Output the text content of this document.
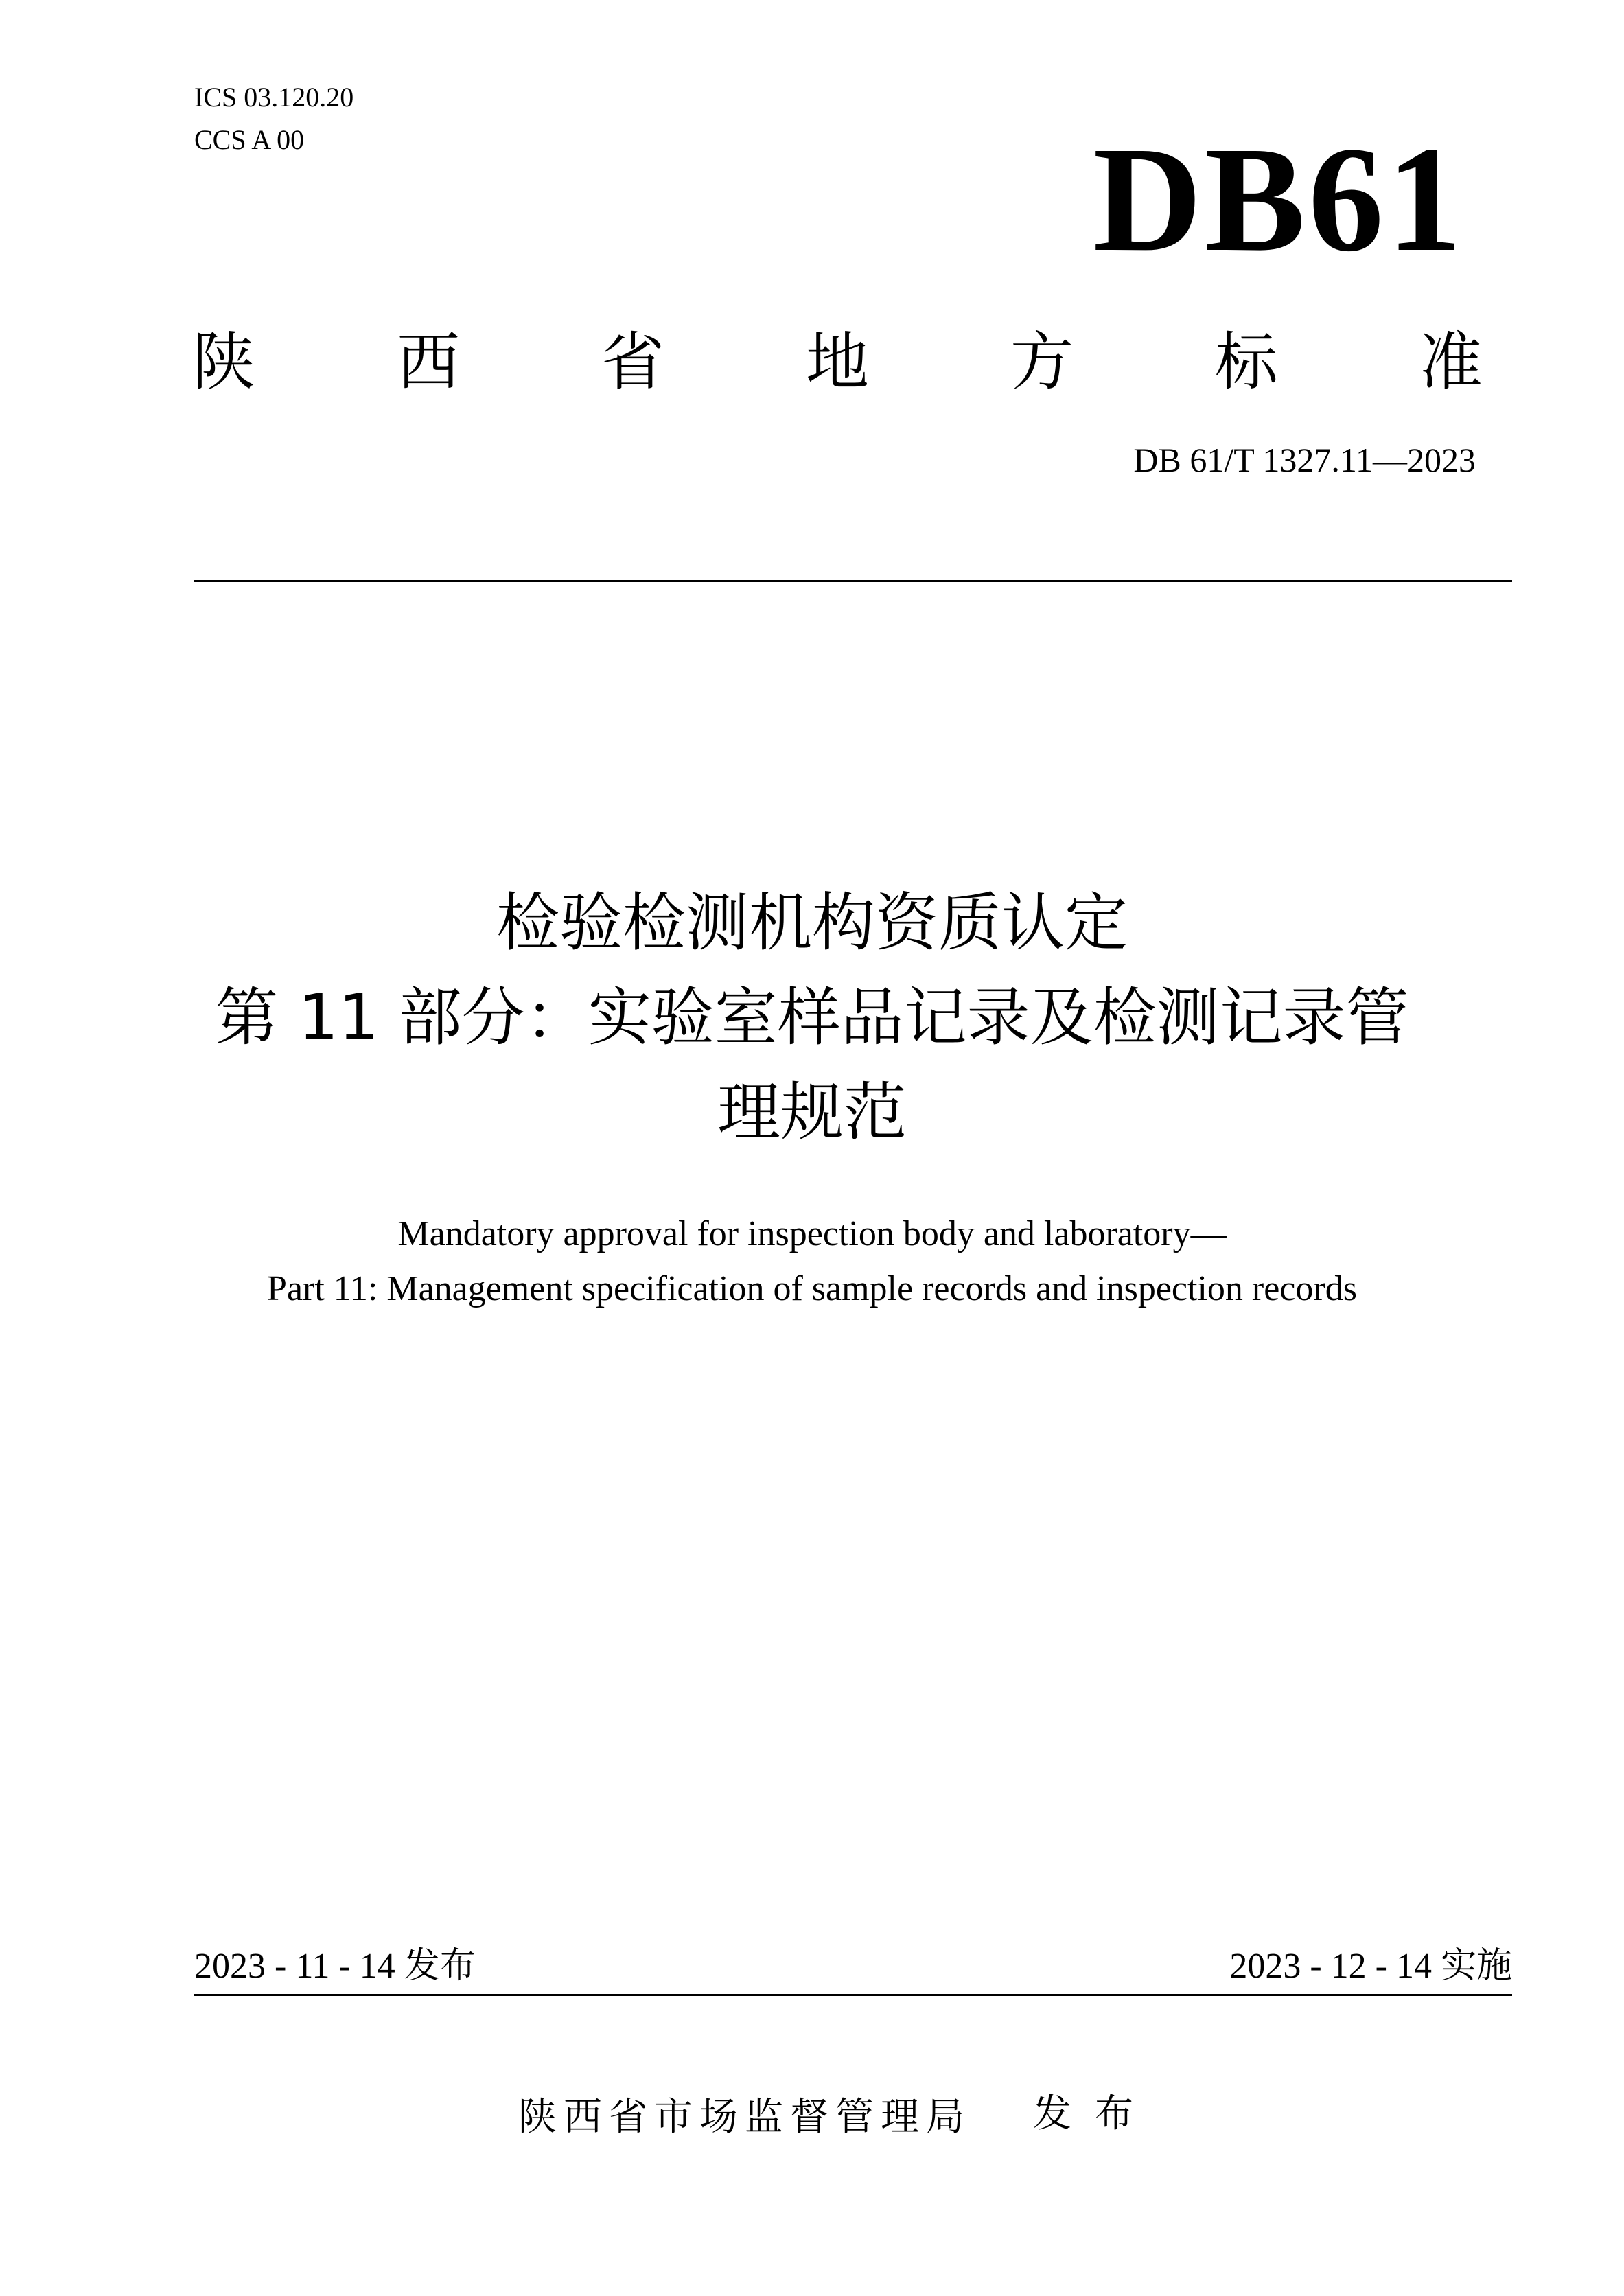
ICS 03.120.20
CCS A 00	DB61
陕 西 省 地 方 标 准
DB 61/T 1327.11—2023
检验检测机构资质认定
第 11 部分：实验室样品记录及检测记录管
理规范
Mandatory approval for inspection body and laboratory—
Part 11: Management specification of sample records and inspection records
2023 - 11 - 14 发布	2023 - 12 - 14 实施
陕西省市场监督管理局 发布
